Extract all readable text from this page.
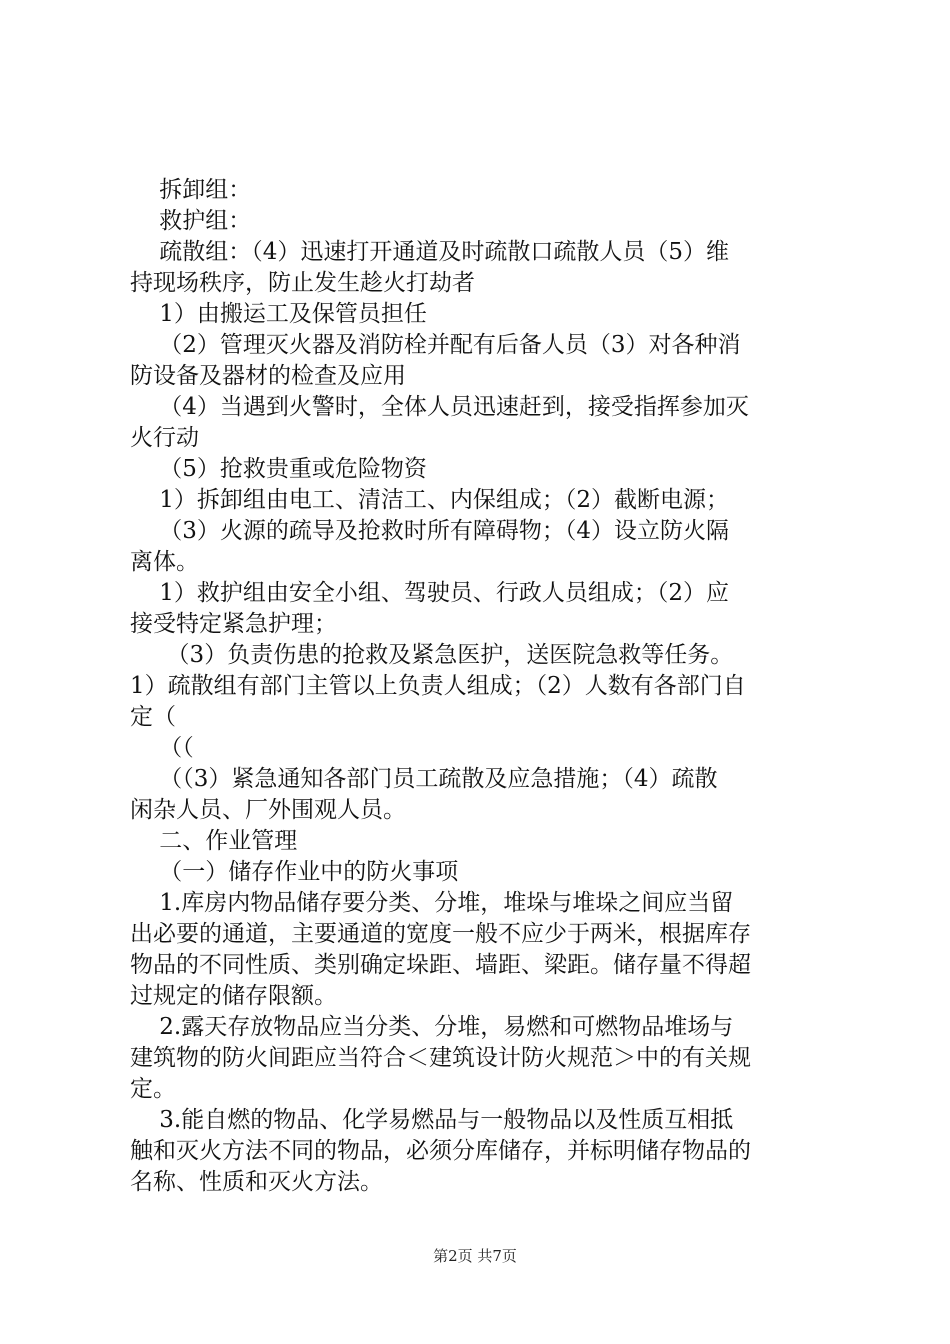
拆卸组：
救护组：
疏散组：（4）迅速打开通道及时疏散口疏散人员（5）维
持现场秩序，防止发生趁火打劫者
1）由搬运工及保管员担任
（2）管理灭火器及消防栓并配有后备人员（3）对各种消
防设备及器材的检查及应用
（4）当遇到火警时，全体人员迅速赶到，接受指挥参加灭
火行动
（5）抢救贵重或危险物资
1）拆卸组由电工、清洁工、内保组成；（2）截断电源；
（3）火源的疏导及抢救时所有障碍物；（4）设立防火隔
离体。
1）救护组由安全小组、驾驶员、行政人员组成；（2）应
接受特定紧急护理；
（3）负责伤患的抢救及紧急医护，送医院急救等任务。
1）疏散组有部门主管以上负责人组成；（2）人数有各部门自
定（
（（
（（3）紧急通知各部门员工疏散及应急措施；（4）疏散
闲杂人员、厂外围观人员。
二、作业管理
（一）储存作业中的防火事项
1.库房内物品储存要分类、分堆，堆垛与堆垛之间应当留
出必要的通道，主要通道的宽度一般不应少于两米，根据库存
物品的不同性质、类别确定垛距、墙距、梁距。储存量不得超
过规定的储存限额。
2.露天存放物品应当分类、分堆，易燃和可燃物品堆场与
建筑物的防火间距应当符合＜建筑设计防火规范＞中的有关规
定。
3.能自燃的物品、化学易燃品与一般物品以及性质互相抵
触和灭火方法不同的物品，必须分库储存，并标明储存物品的
名称、性质和灭火方法。
第2页 共7页
